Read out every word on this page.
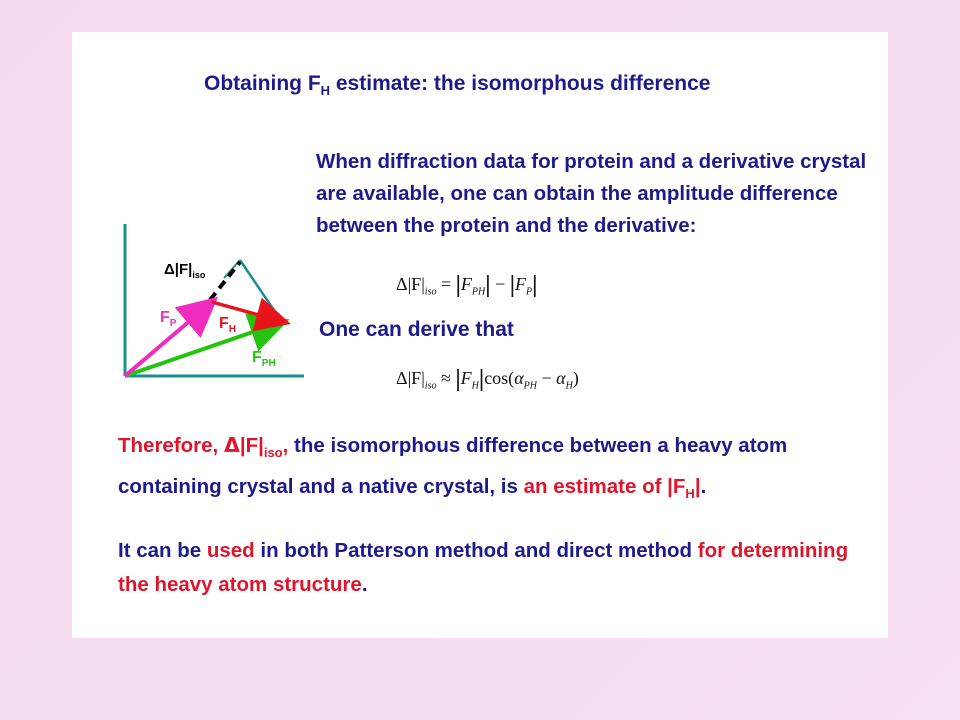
Obtaining $F_H$ estimate: the isomorphous difference
When diffraction data for protein and a derivative crystal are available, one can obtain the amplitude difference between the protein and the derivative:
$\Delta|F|_{iso} = |F_{PH}| - |F_P|$
One can derive that
$\Delta|F|_{iso} \approx |F_H|\cos(\alpha_{PH} - \alpha_H)$
$\Delta|F|_{iso}$
$F_P$	$F_H$
$F_{PH}$
Therefore, $\Delta|F|_{iso}$, the isomorphous difference between a heavy atom containing crystal and a native crystal, is an estimate of $|F_H|$.
It can be used in both Patterson method and direct method for determining the heavy atom structure.
